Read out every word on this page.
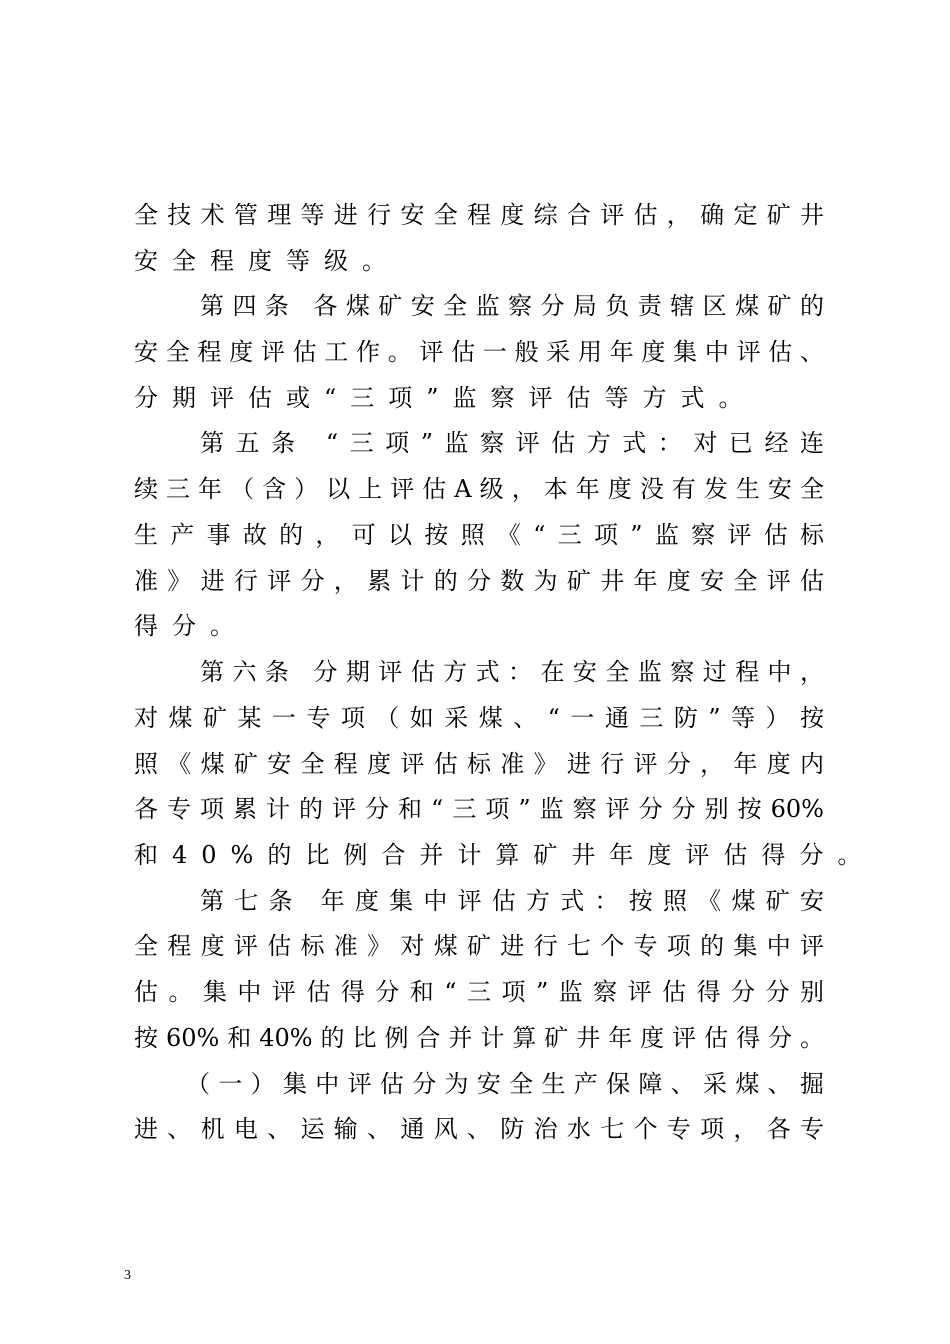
全技术管理等进行安全程度综合评估，确定矿井
安全程度等级。
第四条 各煤矿安全监察分局负责辖区煤矿的
安全程度评估工作。评估一般采用年度集中评估、
分期评估或“三项”监察评估等方式。
第五条 “三项”监察评估方式：对已经连
续三年（含）以上评估A级，本年度没有发生安全
生产事故的，可以按照《“三项”监察评估标
准》进行评分，累计的分数为矿井年度安全评估
得分。
第六条 分期评估方式：在安全监察过程中，
对煤矿某一专项（如采煤、“一通三防”等）按
照《煤矿安全程度评估标准》进行评分，年度内
各专项累计的评分和“三项”监察评分分别按60%
和40%的比例合并计算矿井年度评估得分。
第七条 年度集中评估方式：按照《煤矿安
全程度评估标准》对煤矿进行七个专项的集中评
估。集中评估得分和“三项”监察评估得分分别
按60%和40%的比例合并计算矿井年度评估得分。
（一）集中评估分为安全生产保障、采煤、掘
进、机电、运输、通风、防治水七个专项，各专
3
